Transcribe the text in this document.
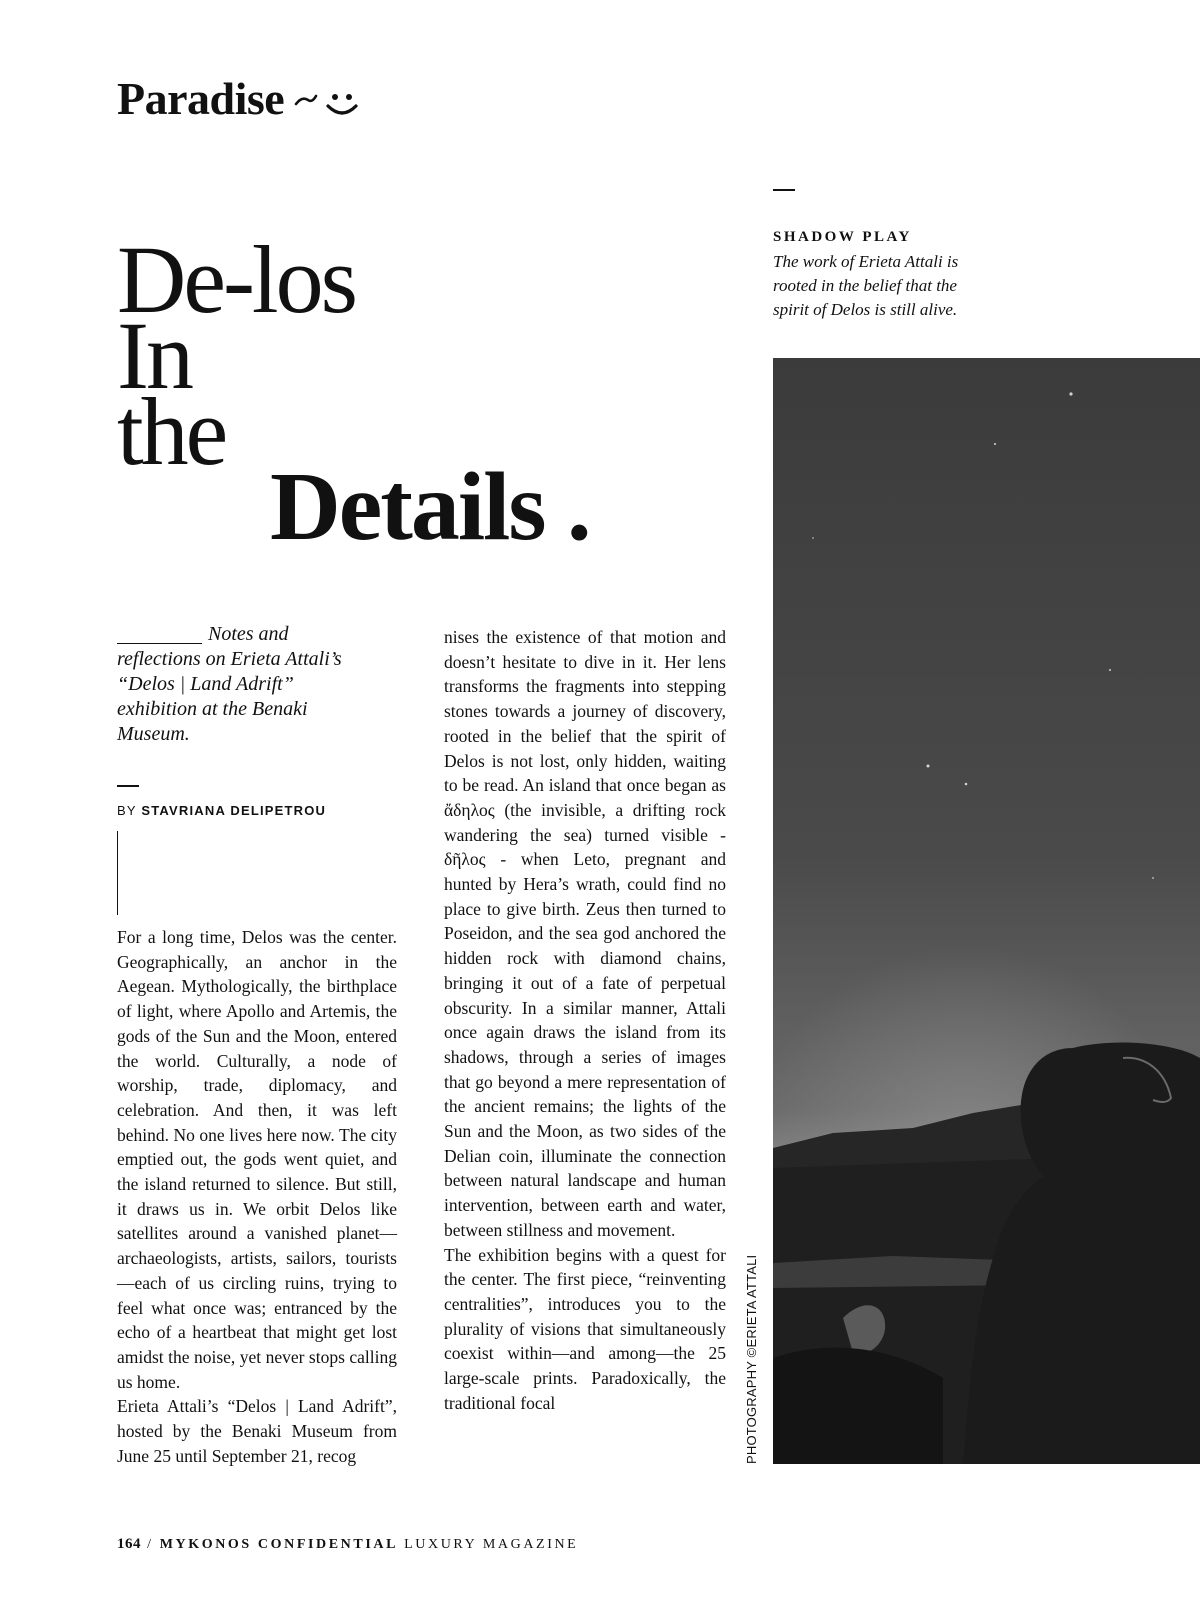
Paradise
De-los
In
the
Details .
SHADOW PLAY
The work of Erieta Attali is rooted in the belief that the spirit of Delos is still alive.
PHOTOGRAPHY ©ERIETA ATTALI
Notes and reflections on Erieta Attali’s “Delos | Land Adrift” exhibition at the Benaki Museum.
BY STAVRIANA DELIPETROU

For a long time, Delos was the center. Geographically, an anchor in the Aegean. Mythologically, the birthplace of light, where Apollo and Artemis, the gods of the Sun and the Moon, entered the world. Culturally, a node of worship, trade, diplomacy, and celebration. And then, it was left behind. No one lives here now. The city emptied out, the gods went quiet, and the island returned to silence. But still, it draws us in. We orbit Delos like satellites around a vanished planet—archaeologists, artists, sailors, tourists—each of us circling ruins, trying to feel what once was; entranced by the echo of a heartbeat that might get lost amidst the noise, yet never stops calling us home.

Erieta Attali’s “Delos | Land Adrift”, hosted by the Benaki Museum from June 25 until September 21, recog

nises the existence of that motion and doesn’t hesitate to dive in it. Her lens transforms the fragments into stepping stones towards a journey of discovery, rooted in the belief that the spirit of Delos is not lost, only hidden, waiting to be read. An island that once began as ἄδηλος (the invisible, a drifting rock wandering the sea) turned visible - δῆλος - when Leto, pregnant and hunted by Hera’s wrath, could find no place to give birth. Zeus then turned to Poseidon, and the sea god anchored the hidden rock with diamond chains, bringing it out of a fate of perpetual obscurity. In a similar manner, Attali once again draws the island from its shadows, through a series of images that go beyond a mere representation of the ancient remains; the lights of the Sun and the Moon, as two sides of the Delian coin, illuminate the connection between natural landscape and human intervention, between earth and water, between stillness and movement.

The exhibition begins with a quest for the center. The first piece, “reinventing centralities”, introduces you to the plurality of visions that simultaneously coexist within—and among—the 25 large-scale prints. Paradoxically, the traditional focal

164 / MYKONOS CONFIDENTIAL LUXURY MAGAZINE
